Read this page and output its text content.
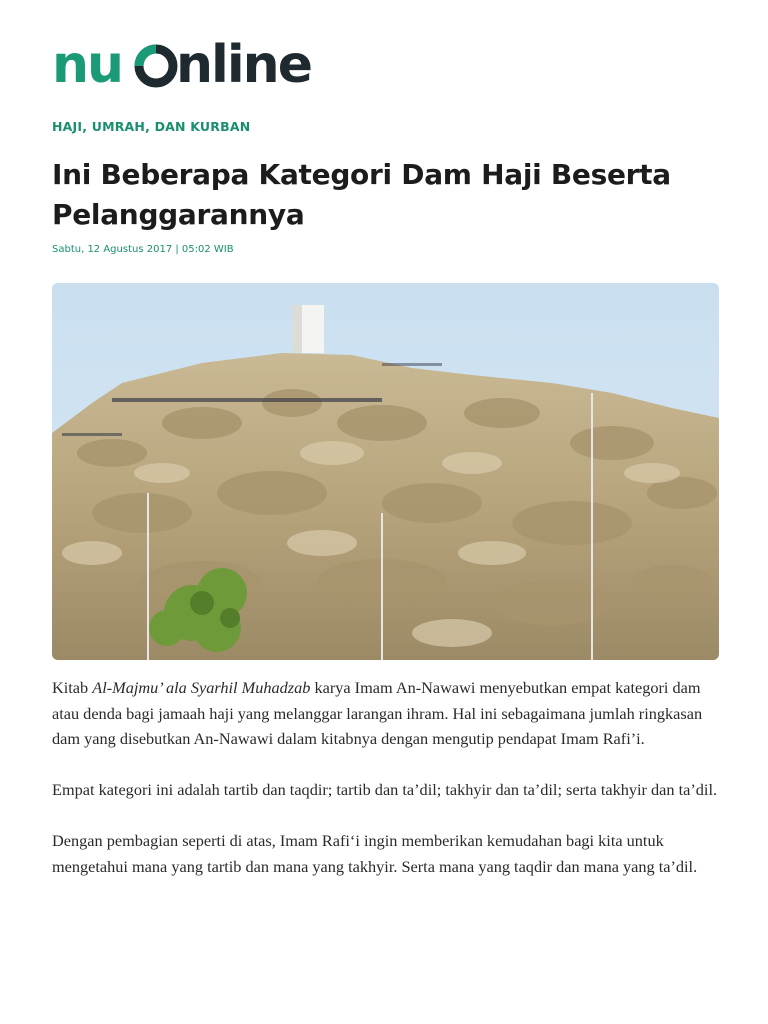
nu	o nline
HAJI, UMRAH, DAN KURBAN
Ini Beberapa Kategori Dam Haji Beserta Pelanggarannya
Sabtu, 12 Agustus 2017 | 05:02 WIB

Kitab Al-Majmu’ ala Syarhil Muhadzab karya Imam An-Nawawi menyebutkan empat kategori dam atau denda bagi jamaah haji yang melanggar larangan ihram. Hal ini sebagaimana jumlah ringkasan dam yang disebutkan An-Nawawi dalam kitabnya dengan mengutip pendapat Imam Rafi’i.

Empat kategori ini adalah tartib dan taqdir; tartib dan ta’dil; takhyir dan ta’dil; serta takhyir dan ta’dil.

Dengan pembagian seperti di atas, Imam Rafi‘i ingin memberikan kemudahan bagi kita untuk mengetahui mana yang tartib dan mana yang takhyir. Serta mana yang taqdir dan mana yang ta’dil.
